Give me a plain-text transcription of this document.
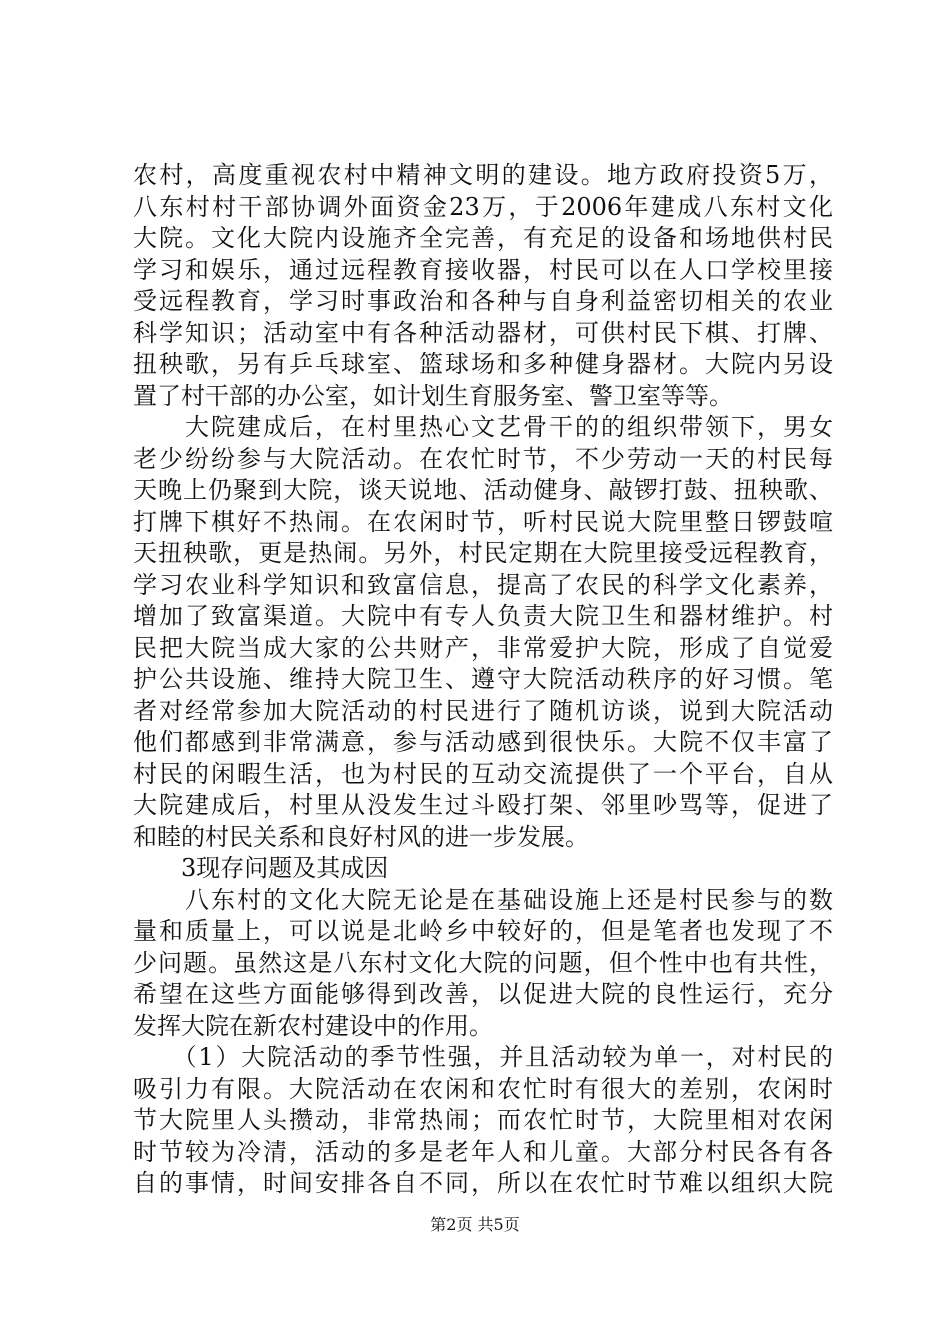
农村，高度重视农村中精神文明的建设。地方政府投资5万，
八东村村干部协调外面资金23万，于2006年建成八东村文化
大院。文化大院内设施齐全完善，有充足的设备和场地供村民
学习和娱乐，通过远程教育接收器，村民可以在人口学校里接
受远程教育，学习时事政治和各种与自身利益密切相关的农业
科学知识；活动室中有各种活动器材，可供村民下棋、打牌、
扭秧歌，另有乒乓球室、篮球场和多种健身器材。大院内另设
置了村干部的办公室，如计划生育服务室、警卫室等等。
　　大院建成后，在村里热心文艺骨干的的组织带领下，男女
老少纷纷参与大院活动。在农忙时节，不少劳动一天的村民每
天晚上仍聚到大院，谈天说地、活动健身、敲锣打鼓、扭秧歌、
打牌下棋好不热闹。在农闲时节，听村民说大院里整日锣鼓喧
天扭秧歌，更是热闹。另外，村民定期在大院里接受远程教育，
学习农业科学知识和致富信息，提高了农民的科学文化素养，
增加了致富渠道。大院中有专人负责大院卫生和器材维护。村
民把大院当成大家的公共财产，非常爱护大院，形成了自觉爱
护公共设施、维持大院卫生、遵守大院活动秩序的好习惯。笔
者对经常参加大院活动的村民进行了随机访谈，说到大院活动
他们都感到非常满意，参与活动感到很快乐。大院不仅丰富了
村民的闲暇生活，也为村民的互动交流提供了一个平台，自从
大院建成后，村里从没发生过斗殴打架、邻里吵骂等，促进了
和睦的村民关系和良好村风的进一步发展。
　　3现存问题及其成因
　　八东村的文化大院无论是在基础设施上还是村民参与的数
量和质量上，可以说是北岭乡中较好的，但是笔者也发现了不
少问题。虽然这是八东村文化大院的问题，但个性中也有共性，
希望在这些方面能够得到改善，以促进大院的良性运行，充分
发挥大院在新农村建设中的作用。
　　（1）大院活动的季节性强，并且活动较为单一，对村民的
吸引力有限。大院活动在农闲和农忙时有很大的差别，农闲时
节大院里人头攒动，非常热闹；而农忙时节，大院里相对农闲
时节较为冷清，活动的多是老年人和儿童。大部分村民各有各
自的事情，时间安排各自不同，所以在农忙时节难以组织大院
第2页 共5页
